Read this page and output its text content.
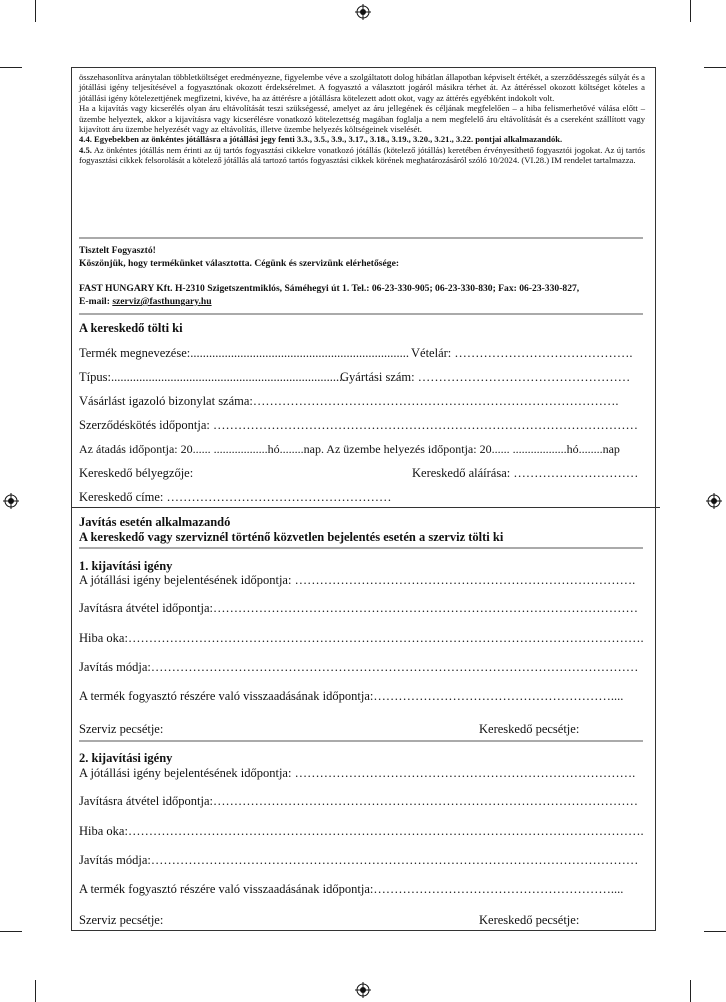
összehasonlítva aránytalan többletköltséget eredményezne, figyelembe véve a szolgáltatott dolog hibátlan állapotban képviselt értékét, a szerződésszegés súlyát és a jótállási igény teljesítésével a fogyasztónak okozott érdeksérelmet. A fogyasztó a választott jogáról másikra térhet át. Az áttéréssel okozott költséget köteles a jótállási igény kötelezettjének megfizetni, kivéve, ha az áttérésre a jótállásra kötelezett adott okot, vagy az áttérés egyébként indokolt volt.

Ha a kijavítás vagy kicserélés olyan áru eltávolítását teszi szükségessé, amelyet az áru jellegének és céljának megfelelően – a hiba felismerhetővé válása előtt – üzembe helyeztek, akkor a kijavításra vagy kicserélésre vonatkozó kötelezettség magában foglalja a nem megfelelő áru eltávolítását és a csereként szállított vagy kijavított áru üzembe helyezését vagy az eltávolítás, illetve üzembe helyezés költségeinek viselését.

4.4. Egyebekben az önkéntes jótállásra a jótállási jegy fenti 3.3., 3.5., 3.9., 3.17., 3.18., 3.19., 3.20., 3.21., 3.22. pontjai alkalmazandók.

4.5. Az önkéntes jótállás nem érinti az új tartós fogyasztási cikkekre vonatkozó jótállás (kötelező jótállás) keretében érvényesíthető fogyasztói jogokat. Az új tartós fogyasztási cikkek felsorolását a kötelező jótállás alá tartozó tartós fogyasztási cikkek körének meghatározásáról szóló 10/2024. (VI.28.) IM rendelet tartalmazza.

Tisztelt Fogyasztó!
Köszönjük, hogy termékünket választotta. Cégünk és szervizünk elérhetősége:
FAST HUNGARY Kft. H-2310 Szigetszentmiklós, Sáméhegyi út 1. Tel.: 06-23-330-905; 06-23-330-830; Fax: 06-23-330-827,
E-mail: szerviz@fasthungary.hu
A kereskedő tölti ki
Termék megnevezése:...................................................................... Vételár: …………………………………….
Típus:...........................................................................
Gyártási szám: ……………………………………………
Vásárlást igazoló bizonylat száma:…………………………………………………………………………….
Szerződéskötés időpontja: …………………………………………………………………………………………
Az átadás időpontja: 20...... ..................hó........nap. Az üzembe helyezés időpontja: 20...... ..................hó........nap
Kereskedő bélyegzője:	Kereskedő aláírása: …………………………
Kereskedő címe: ………………………………………………
Javítás esetén alkalmazandó
A kereskedő vagy szerviznél történő közvetlen bejelentés esetén a szerviz tölti ki
1. kijavítási igény
A jótállási igény bejelentésének időpontja: ……………………………………………………………………….
Javításra átvétel időpontja:…………………………………………………………………………………………
Hiba oka:…………………………………………………………………………………………………………….
Javítás módja:………………………………………………………………………………………………………
A termék fogyasztó részére való visszaadásának időpontja:…………………………………………………....
Szerviz pecsétje:	Kereskedő pecsétje:
2. kijavítási igény
A jótállási igény bejelentésének időpontja: ……………………………………………………………………….
Javításra átvétel időpontja:…………………………………………………………………………………………
Hiba oka:…………………………………………………………………………………………………………….
Javítás módja:………………………………………………………………………………………………………
A termék fogyasztó részére való visszaadásának időpontja:…………………………………………………....
Szerviz pecsétje:	Kereskedő pecsétje:
